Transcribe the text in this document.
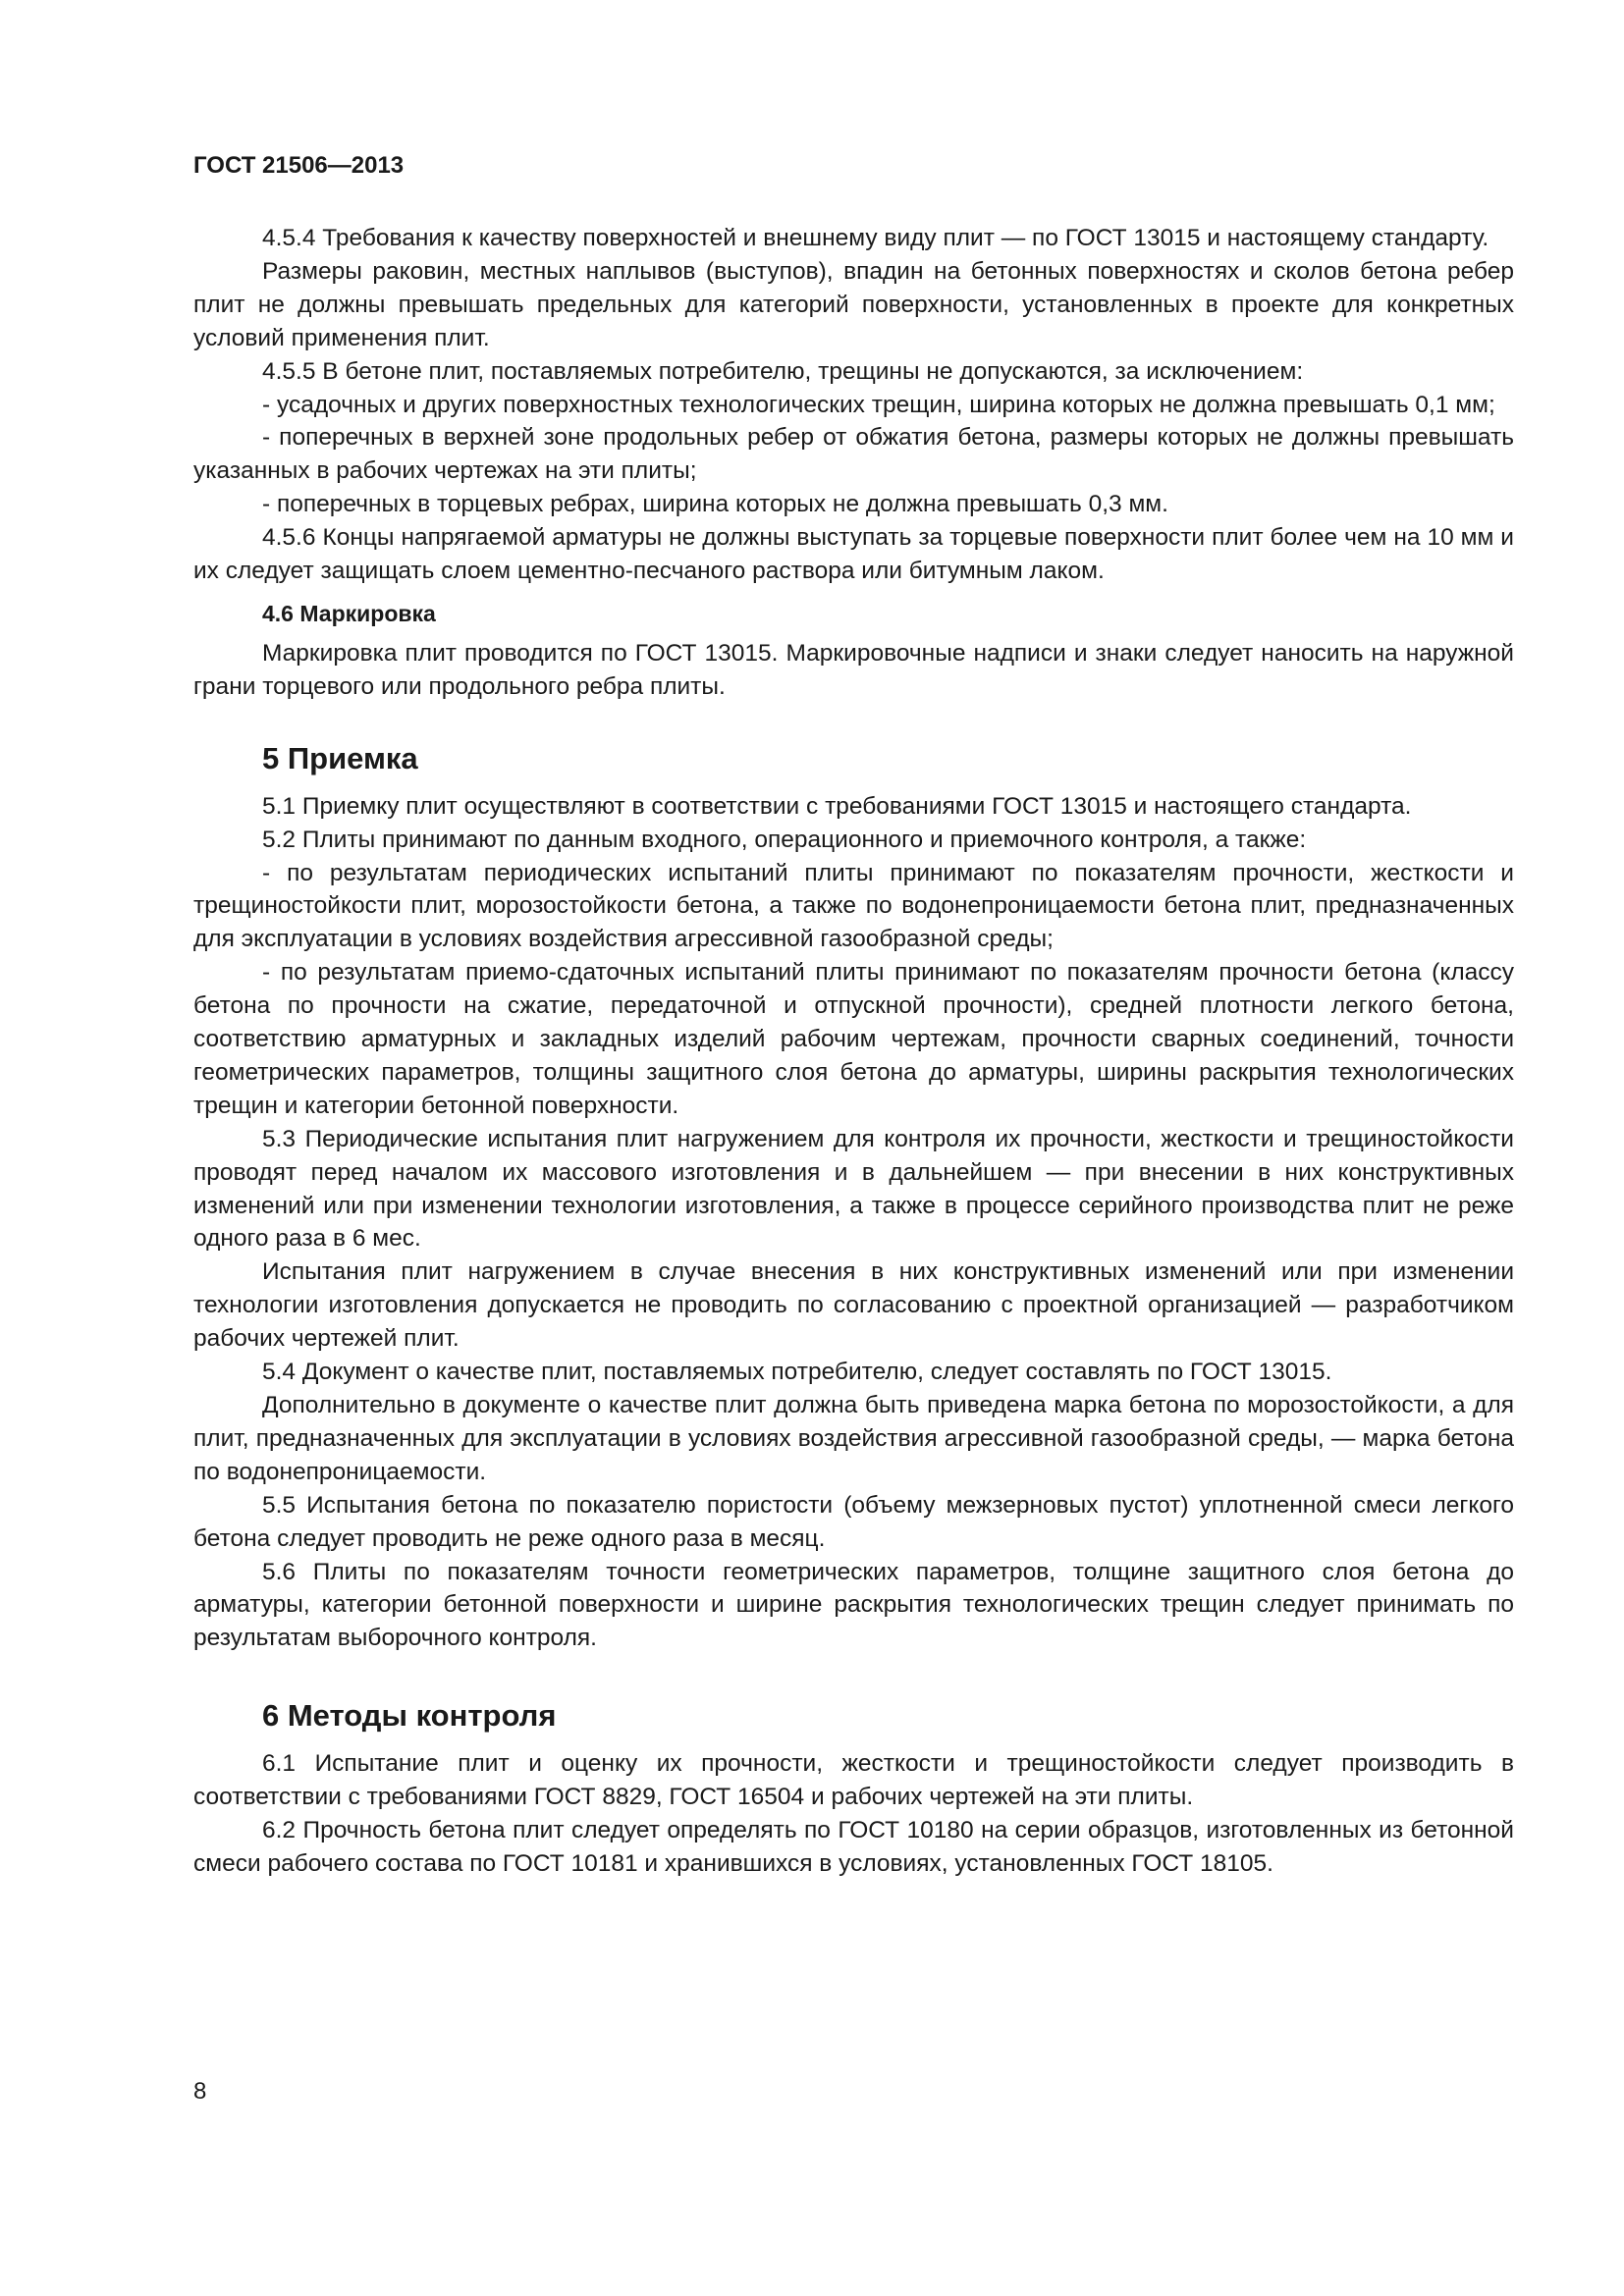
ГОСТ 21506—2013

4.5.4 Требования к качеству поверхностей и внешнему виду плит — по ГОСТ 13015 и настоящему стандарту.

Размеры раковин, местных наплывов (выступов), впадин на бетонных поверхностях и сколов бетона ребер плит не должны превышать предельных для категорий поверхности, установленных в проекте для конкретных условий применения плит.

4.5.5 В бетоне плит, поставляемых потребителю, трещины не допускаются, за исключением:

- усадочных и других поверхностных технологических трещин, ширина которых не должна превышать 0,1 мм;

- поперечных в верхней зоне продольных ребер от обжатия бетона, размеры которых не должны превышать указанных в рабочих чертежах на эти плиты;

- поперечных в торцевых ребрах, ширина которых не должна превышать 0,3 мм.

4.5.6 Концы напрягаемой арматуры не должны выступать за торцевые поверхности плит более чем на 10 мм и их следует защищать слоем цементно-песчаного раствора или битумным лаком.

4.6 Маркировка

Маркировка плит проводится по ГОСТ 13015. Маркировочные надписи и знаки следует наносить на наружной грани торцевого или продольного ребра плиты.

5 Приемка

5.1 Приемку плит осуществляют в соответствии с требованиями ГОСТ 13015 и настоящего стандарта.

5.2 Плиты принимают по данным входного, операционного и приемочного контроля, а также:

- по результатам периодических испытаний плиты принимают по показателям прочности, жесткости и трещиностойкости плит, морозостойкости бетона, а также по водонепроницаемости бетона плит, предназначенных для эксплуатации в условиях воздействия агрессивной газообразной среды;

- по результатам приемо-сдаточных испытаний плиты принимают по показателям прочности бетона (классу бетона по прочности на сжатие, передаточной и отпускной прочности), средней плотности легкого бетона, соответствию арматурных и закладных изделий рабочим чертежам, прочности сварных соединений, точности геометрических параметров, толщины защитного слоя бетона до арматуры, ширины раскрытия технологических трещин и категории бетонной поверхности.

5.3 Периодические испытания плит нагружением для контроля их прочности, жесткости и трещиностойкости проводят перед началом их массового изготовления и в дальнейшем — при внесении в них конструктивных изменений или при изменении технологии изготовления, а также в процессе серийного производства плит не реже одного раза в 6 мес.

Испытания плит нагружением в случае внесения в них конструктивных изменений или при изменении технологии изготовления допускается не проводить по согласованию с проектной организацией — разработчиком рабочих чертежей плит.

5.4 Документ о качестве плит, поставляемых потребителю, следует составлять по ГОСТ 13015.

Дополнительно в документе о качестве плит должна быть приведена марка бетона по морозостойкости, а для плит, предназначенных для эксплуатации в условиях воздействия агрессивной газообразной среды, — марка бетона по водонепроницаемости.

5.5 Испытания бетона по показателю пористости (объему межзерновых пустот) уплотненной смеси легкого бетона следует проводить не реже одного раза в месяц.

5.6 Плиты по показателям точности геометрических параметров, толщине защитного слоя бетона до арматуры, категории бетонной поверхности и ширине раскрытия технологических трещин следует принимать по результатам выборочного контроля.

6 Методы контроля

6.1 Испытание плит и оценку их прочности, жесткости и трещиностойкости следует производить в соответствии с требованиями ГОСТ 8829, ГОСТ 16504 и рабочих чертежей на эти плиты.

6.2 Прочность бетона плит следует определять по ГОСТ 10180 на серии образцов, изготовленных из бетонной смеси рабочего состава по ГОСТ 10181 и хранившихся в условиях, установленных ГОСТ 18105.

8
